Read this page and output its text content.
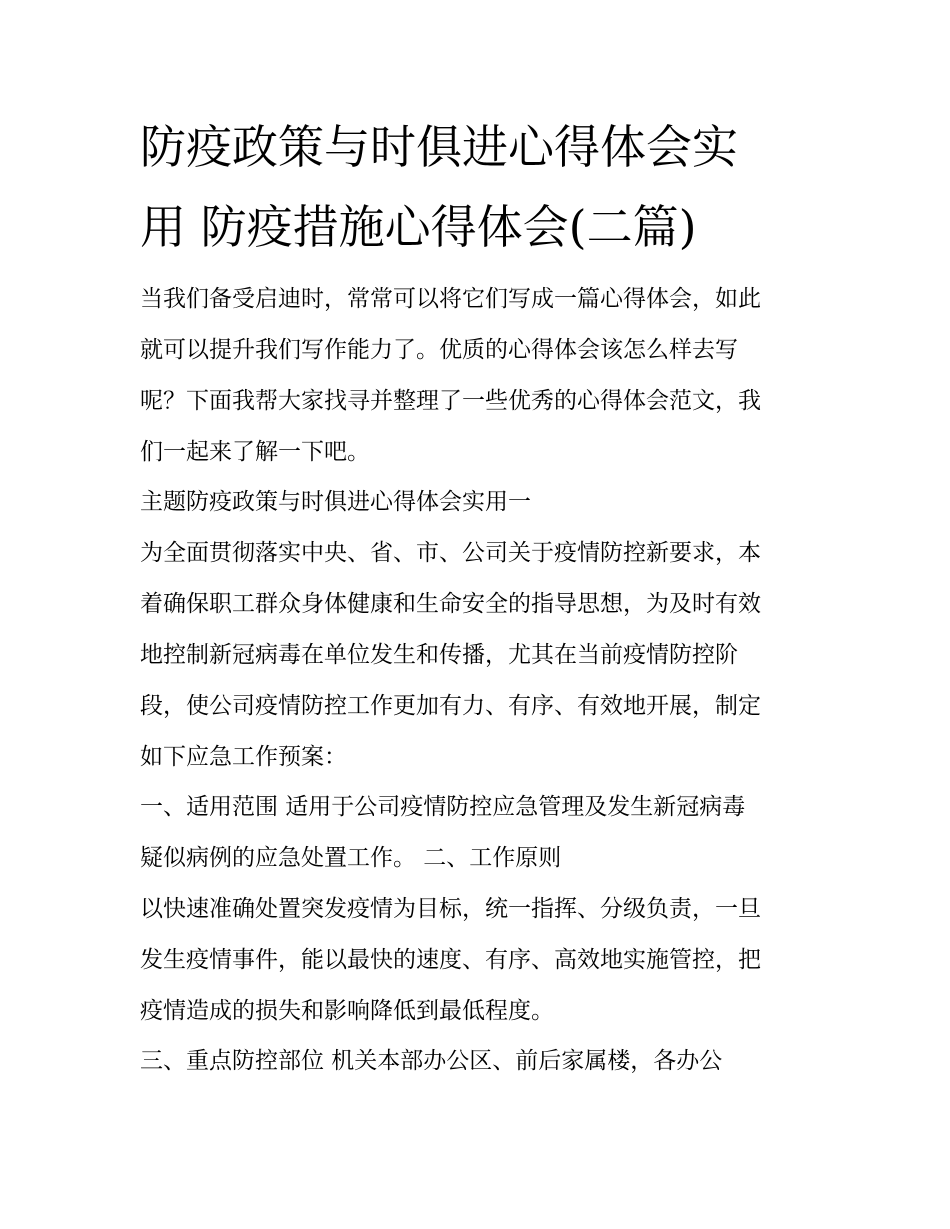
防疫政策与时俱进心得体会实
用 防疫措施心得体会(二篇)

当我们备受启迪时，常常可以将它们写成一篇心得体会，如此

就可以提升我们写作能力了。优质的心得体会该怎么样去写

呢？下面我帮大家找寻并整理了一些优秀的心得体会范文，我

们一起来了解一下吧。

主题防疫政策与时俱进心得体会实用一

为全面贯彻落实中央、省、市、公司关于疫情防控新要求，本

着确保职工群众身体健康和生命安全的指导思想，为及时有效

地控制新冠病毒在单位发生和传播，尤其在当前疫情防控阶

段，使公司疫情防控工作更加有力、有序、有效地开展，制定

如下应急工作预案：

一、适用范围 适用于公司疫情防控应急管理及发生新冠病毒

疑似病例的应急处置工作。 二、工作原则

以快速准确处置突发疫情为目标，统一指挥、分级负责，一旦

发生疫情事件，能以最快的速度、有序、高效地实施管控，把

疫情造成的损失和影响降低到最低程度。

三、重点防控部位 机关本部办公区、前后家属楼，各办公
